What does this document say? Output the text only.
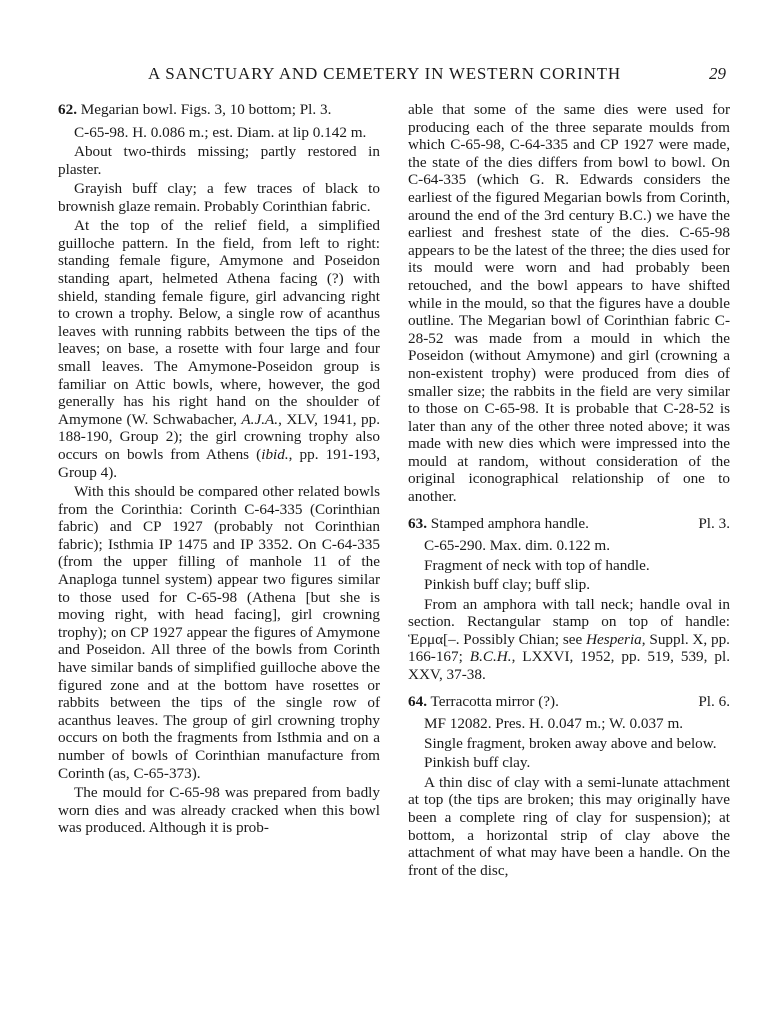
A SANCTUARY AND CEMETERY IN WESTERN CORINTH	29

62. Megarian bowl. Figs. 3, 10 bottom; Pl. 3.

C-65-98. H. 0.086 m.; est. Diam. at lip 0.142 m.

About two-thirds missing; partly restored in plaster.

Grayish buff clay; a few traces of black to brownish glaze remain. Probably Corinthian fabric.

At the top of the relief field, a simplified guilloche pattern. In the field, from left to right: standing female figure, Amymone and Poseidon standing apart, helmeted Athena facing (?) with shield, standing female figure, girl advancing right to crown a trophy. Below, a single row of acanthus leaves with running rabbits between the tips of the leaves; on base, a rosette with four large and four small leaves. The Amymone-Poseidon group is familiar on Attic bowls, where, however, the god generally has his right hand on the shoulder of Amymone (W. Schwabacher, A.J.A., XLV, 1941, pp. 188-190, Group 2); the girl crowning trophy also occurs on bowls from Athens (ibid., pp. 191-193, Group 4).

With this should be compared other related bowls from the Corinthia: Corinth C-64-335 (Corinthian fabric) and CP 1927 (probably not Corinthian fabric); Isthmia IP 1475 and IP 3352. On C-64-335 (from the upper filling of manhole 11 of the Anaploga tunnel system) appear two figures similar to those used for C-65-98 (Athena [but she is moving right, with head facing], girl crowning trophy); on CP 1927 appear the figures of Amymone and Poseidon. All three of the bowls from Corinth have similar bands of simplified guilloche above the figured zone and at the bottom have rosettes or rabbits between the tips of the single row of acanthus leaves. The group of girl crowning trophy occurs on both the fragments from Isthmia and on a number of bowls of Corinthian manufacture from Corinth (as, C-65-373).

The mould for C-65-98 was prepared from badly worn dies and was already cracked when this bowl was produced. Although it is prob-

able that some of the same dies were used for producing each of the three separate moulds from which C-65-98, C-64-335 and CP 1927 were made, the state of the dies differs from bowl to bowl. On C-64-335 (which G. R. Edwards considers the earliest of the figured Megarian bowls from Corinth, around the end of the 3rd century B.C.) we have the earliest and freshest state of the dies. C-65-98 appears to be the latest of the three; the dies used for its mould were worn and had probably been retouched, and the bowl appears to have shifted while in the mould, so that the figures have a double outline. The Megarian bowl of Corinthian fabric C-28-52 was made from a mould in which the Poseidon (without Amymone) and girl (crowning a non-existent trophy) were produced from dies of smaller size; the rabbits in the field are very similar to those on C-65-98. It is probable that C-28-52 is later than any of the other three noted above; it was made with new dies which were impressed into the mould at random, without consideration of the original iconographical relationship of one to another.

63. Stamped amphora handle.	Pl. 3.

C-65-290. Max. dim. 0.122 m.

Fragment of neck with top of handle.

Pinkish buff clay; buff slip.

From an amphora with tall neck; handle oval in section. Rectangular stamp on top of handle: Ἑρμα[–. Possibly Chian; see Hesperia, Suppl. X, pp. 166-167; B.C.H., LXXVI, 1952, pp. 519, 539, pl. XXV, 37-38.

64. Terracotta mirror (?).	Pl. 6.

MF 12082. Pres. H. 0.047 m.; W. 0.037 m.

Single fragment, broken away above and below.

Pinkish buff clay.

A thin disc of clay with a semi-lunate attachment at top (the tips are broken; this may originally have been a complete ring of clay for suspension); at bottom, a horizontal strip of clay above the attachment of what may have been a handle. On the front of the disc,
